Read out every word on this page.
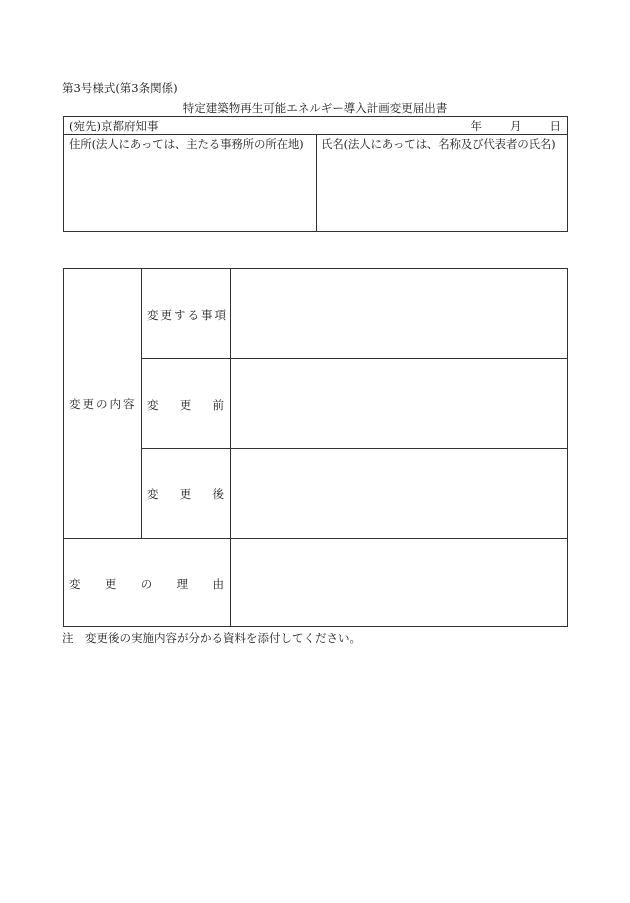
第3号様式(第3条関係)
特定建築物再生可能エネルギー導入計画変更届出書
(宛先)京都府知事	年 月 日
住所(法人にあっては、主たる事務所の所在地) 氏名(法人にあっては、名称及び代表者の氏名)
変更の内容
変更する事項
変 更 前
変 更 後
変 更 の 理 由
注　変更後の実施内容が分かる資料を添付してください。
